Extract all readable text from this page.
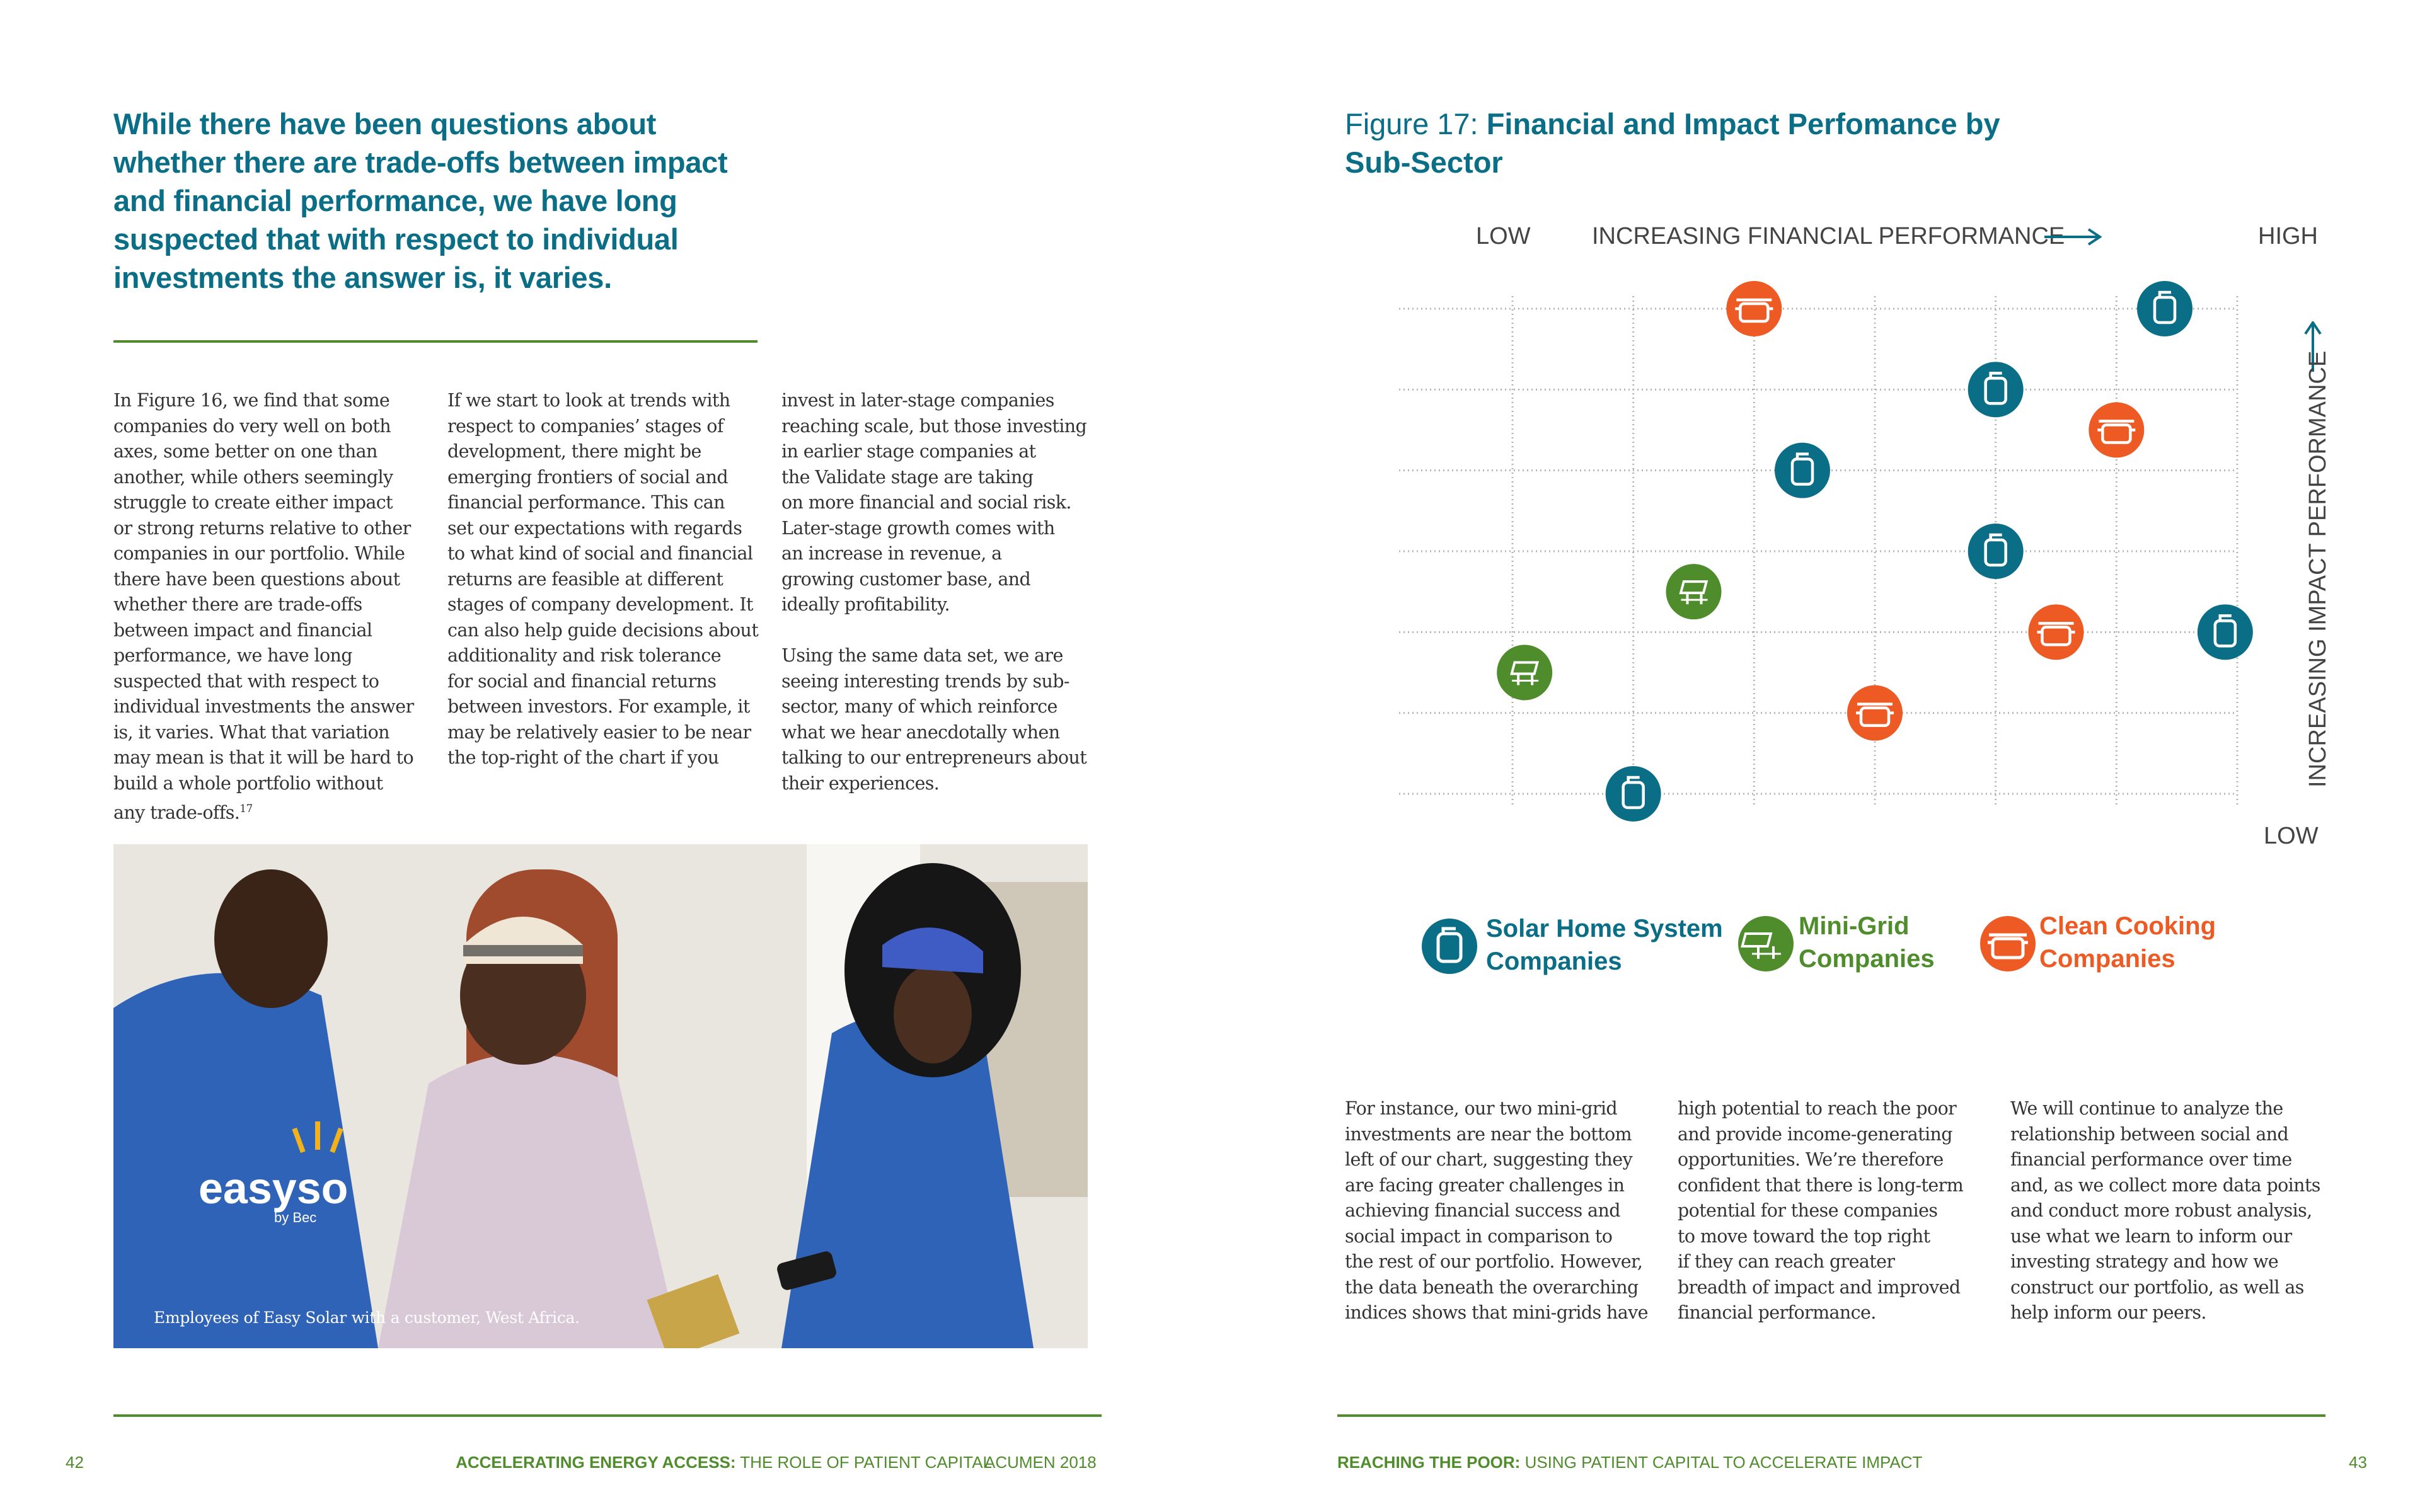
While there have been questions about whether there are trade-offs between impact and financial performance, we have long suspected that with respect to individual investments the answer is, it varies.
In Figure 16, we find that some
companies do very well on both
axes, some better on one than
another, while others seemingly
struggle to create either impact
or strong returns relative to other
companies in our portfolio. While
there have been questions about
whether there are trade-offs
between impact and financial
performance, we have long
suspected that with respect to
individual investments the answer
is, it varies. What that variation
may mean is that it will be hard to
build a whole portfolio without
any trade-offs.$^{17}$
If we start to look at trends with
respect to companies’ stages of
development, there might be
emerging frontiers of social and
financial performance. This can
set our expectations with regards
to what kind of social and financial
returns are feasible at different
stages of company development. It
can also help guide decisions about
additionality and risk tolerance
for social and financial returns
between investors. For example, it
may be relatively easier to be near
the top-right of the chart if you
invest in later-stage companies
reaching scale, but those investing
in earlier stage companies at
the Validate stage are taking
on more financial and social risk.
Later-stage growth comes with
an increase in revenue, a
growing customer base, and
ideally profitability.

Using the same data set, we are
seeing interesting trends by sub-
sector, many of which reinforce
what we hear anecdotally when
talking to our entrepreneurs about
their experiences.
easyso
by Bec
Employees of Easy Solar with a customer, West Africa.
42	ACCELERATING ENERGY ACCESS: THE ROLE OF PATIENT CAPITAL
ACUMEN 2018
Figure 17: Financial and Impact Perfomance by Sub-Sector
LOW	INCREASING FINANCIAL PERFORMANCE	HIGH
INCREASING IMPACT PERFORMANCE
LOW
Solar Home System
Companies
Mini-Grid
Companies
Clean Cooking
Companies
For instance, our two mini-grid
investments are near the bottom
left of our chart, suggesting they
are facing greater challenges in
achieving financial success and
social impact in comparison to
the rest of our portfolio. However,
the data beneath the overarching
indices shows that mini-grids have
high potential to reach the poor
and provide income-generating
opportunities. We’re therefore
confident that there is long-term
potential for these companies
to move toward the top right
if they can reach greater
breadth of impact and improved
financial performance.
We will continue to analyze the
relationship between social and
financial performance over time
and, as we collect more data points
and conduct more robust analysis,
use what we learn to inform our
investing strategy and how we
construct our portfolio, as well as
help inform our peers.
REACHING THE POOR: USING PATIENT CAPITAL TO ACCELERATE IMPACT	43
